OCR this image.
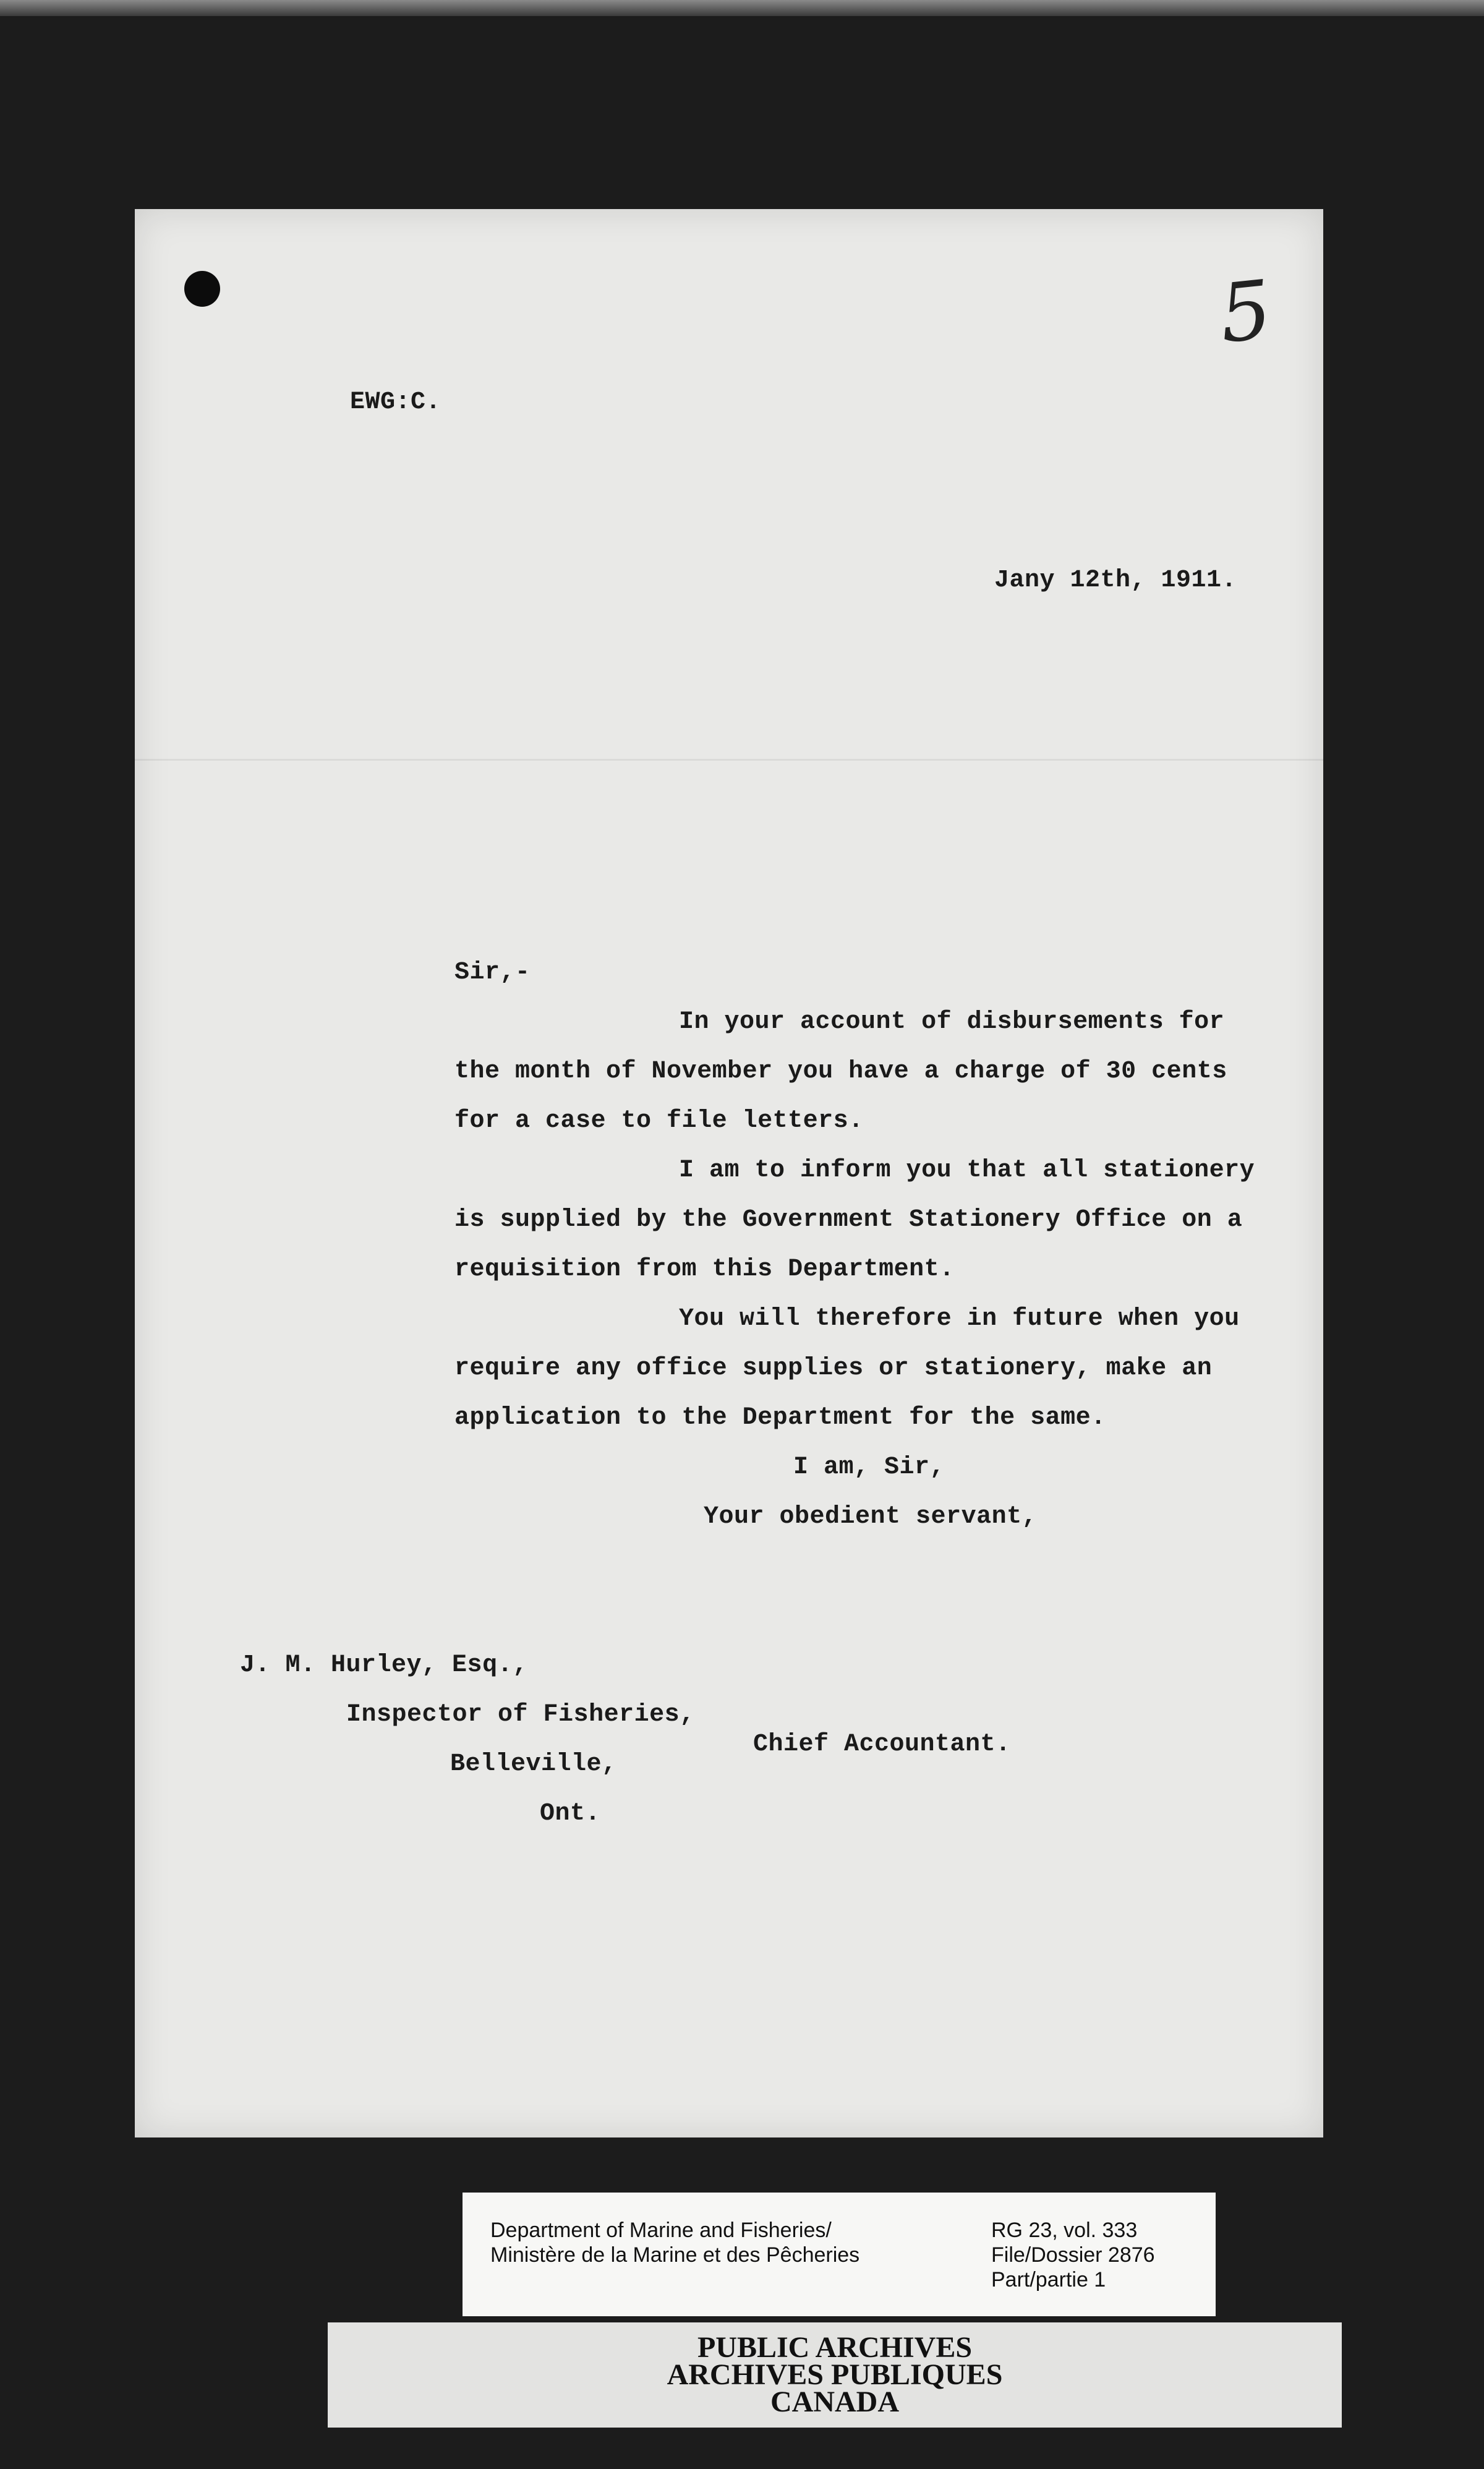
5
EWG:C.
Jany 12th, 1911.
Sir,-
In your account of disbursements for
the month of November you have a charge of 30 cents
for a case to file letters.
I am to inform you that all stationery
is supplied by the Government Stationery Office on a
requisition from this Department.
You will therefore in future when you
require any office supplies or stationery, make an
application to the Department for the same.
I am, Sir,
Your obedient servant,
J. M. Hurley, Esq.,
Inspector of Fisheries,
Chief Accountant.
Belleville,
Ont.
Department of Marine and Fisheries/
Ministère de la Marine et des Pêcheries
RG 23, vol. 333
File/Dossier 2876
Part/partie 1
PUBLIC ARCHIVES
ARCHIVES PUBLIQUES
CANADA
